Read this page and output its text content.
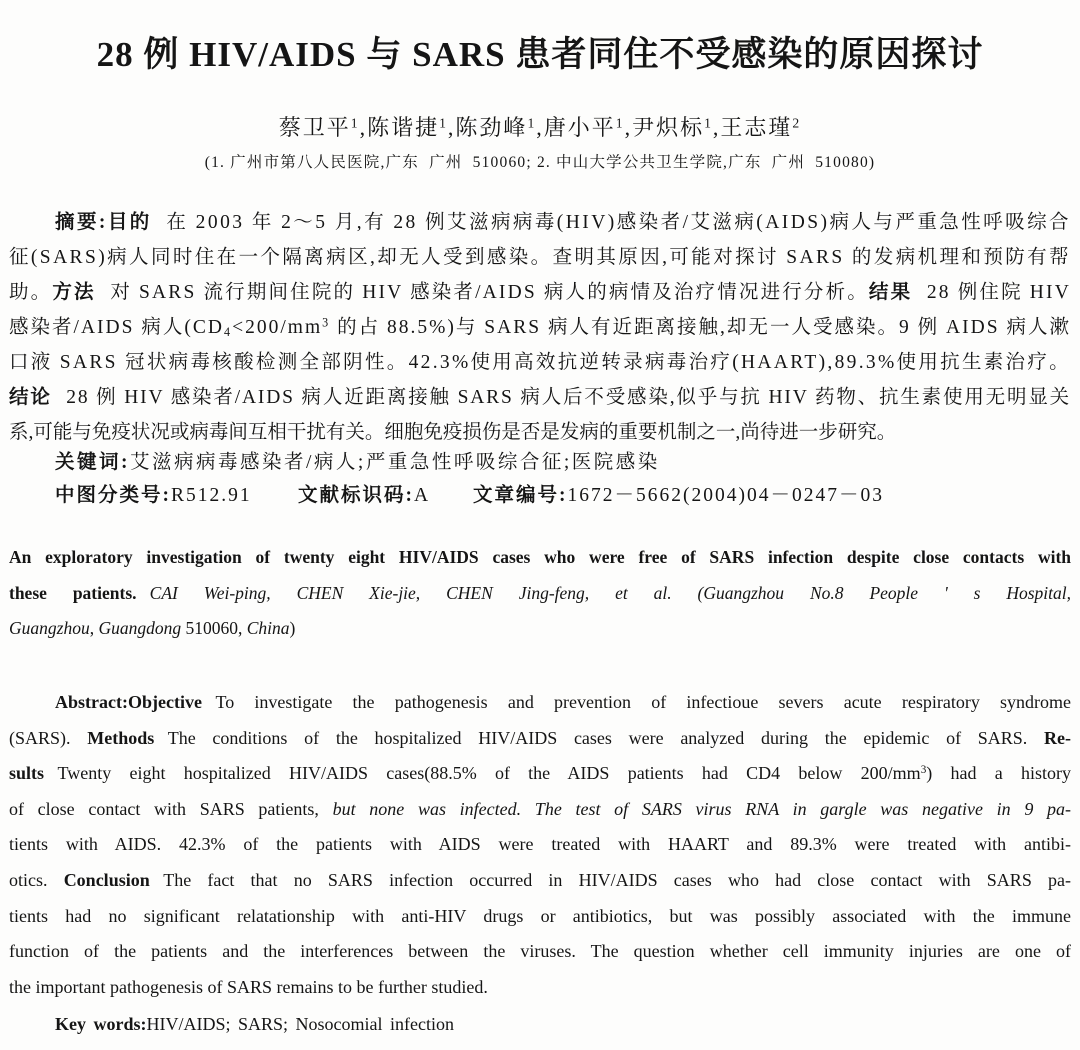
28 例 HIV/AIDS 与 SARS 患者同住不受感染的原因探讨
蔡卫平$^1$,陈谐捷$^1$,陈劲峰$^1$,唐小平$^1$,尹炽标$^1$,王志瑾$^2$
(1. 广州市第八人民医院,广东  广州  510060; 2. 中山大学公共卫生学院,广东  广州  510080)
摘要:目的 在 2003 年 2～5 月,有 28 例艾滋病病毒(HIV)感染者/艾滋病(AIDS)病人与严重急性呼吸综合
征(SARS)病人同时住在一个隔离病区,却无人受到感染。查明其原因,可能对探讨 SARS 的发病机理和预防有帮
助。方法 对 SARS 流行期间住院的 HIV 感染者/AIDS 病人的病情及治疗情况进行分析。结果 28 例住院 HIV
感染者/AIDS 病人($CD4<200/mm^3$ 的占 88.5%)与 SARS 病人有近距离接触,却无一人受感染。9 例 AIDS 病人漱
口液 SARS 冠状病毒核酸检测全部阴性。42.3%使用高效抗逆转录病毒治疗(HAART),89.3%使用抗生素治疗。
结论 28 例 HIV 感染者/AIDS 病人近距离接触 SARS 病人后不受感染,似乎与抗 HIV 药物、抗生素使用无明显关
系,可能与免疫状况或病毒间互相干扰有关。细胞免疫损伤是否是发病的重要机制之一,尚待进一步研究。
关键词:艾滋病病毒感染者/病人;严重急性呼吸综合征;医院感染
中图分类号:R512.91 文献标识码:A 文章编号:1672－5662(2004)04－0247－03
An exploratory investigation of twenty eight HIV/AIDS cases who were free of SARS infection despite close contacts with
these patients. CAI Wei-ping, CHEN Xie-jie, CHEN Jing-feng, et al. (Guangzhou No.8 People ' s Hospital,
Guangzhou, Guangdong 510060, China)
Abstract:Objective To investigate the pathogenesis and prevention of infectioue severs acute respiratory syndrome
(SARS). Methods The conditions of the hospitalized HIV/AIDS cases were analyzed during the epidemic of SARS. Re-
sults Twenty eight hospitalized HIV/AIDS cases(88.5% of the AIDS patients had CD4 below $200/mm^3$) had a history
of close contact with SARS patients, but none was infected. The test of SARS virus RNA in gargle was negative in 9 pa-
tients with AIDS. 42.3% of the patients with AIDS were treated with HAART and 89.3% were treated with antibi-
otics. Conclusion The fact that no SARS infection occurred in HIV/AIDS cases who had close contact with SARS pa-
tients had no significant relatationship with anti-HIV drugs or antibiotics, but was possibly associated with the immune
function of the patients and the interferences between the viruses. The question whether cell immunity injuries are one of
the important pathogenesis of SARS remains to be further studied.
Key words:HIV/AIDS; SARS; Nosocomial infection
